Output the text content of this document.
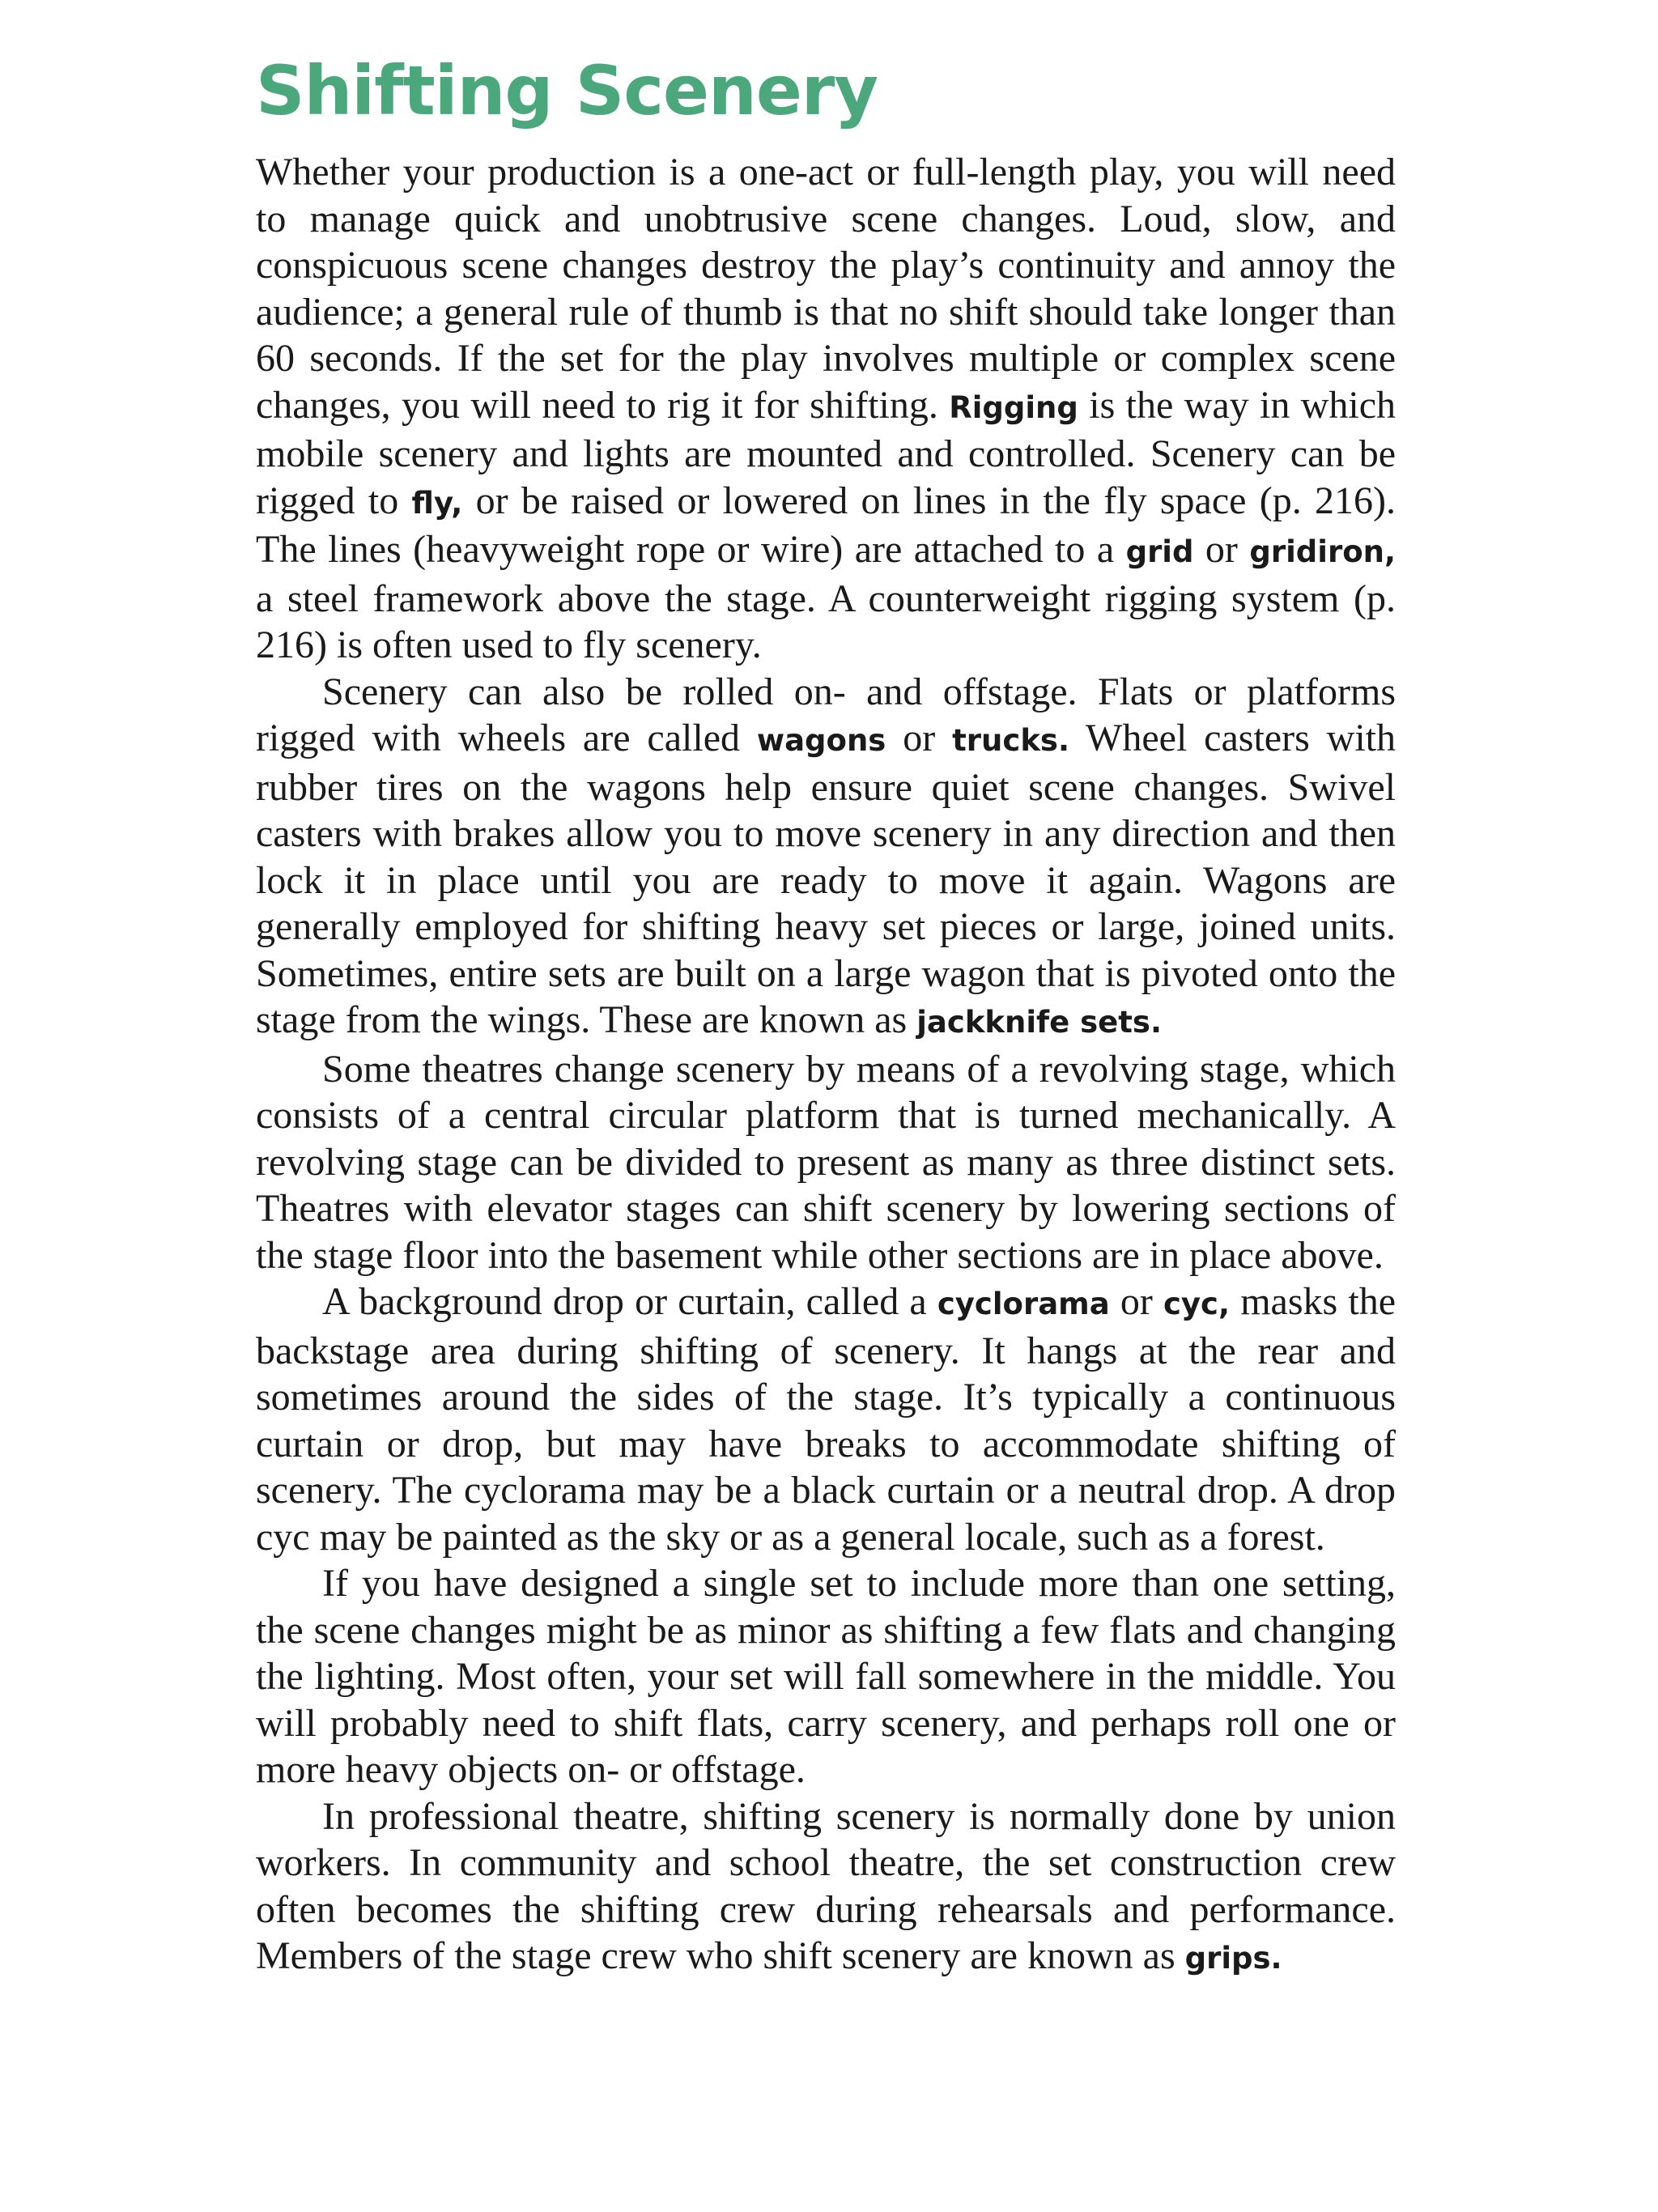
Shifting Scenery

Whether your production is a one-act or full-length play, you will need to manage quick and unobtrusive scene changes. Loud, slow, and conspicuous scene changes destroy the play’s continuity and annoy the audience; a general rule of thumb is that no shift should take longer than 60 seconds. If the set for the play involves multiple or complex scene changes, you will need to rig it for shifting. Rigging is the way in which mobile scenery and lights are mounted and controlled. Scenery can be rigged to fly, or be raised or lowered on lines in the fly space (p. 216). The lines (heavyweight rope or wire) are attached to a grid or gridiron, a steel framework above the stage. A counterweight rigging system (p. 216) is often used to fly scenery.

Scenery can also be rolled on- and offstage. Flats or platforms rigged with wheels are called wagons or trucks. Wheel casters with rubber tires on the wagons help ensure quiet scene changes. Swivel casters with brakes allow you to move scenery in any direction and then lock it in place until you are ready to move it again. Wagons are generally employed for shifting heavy set pieces or large, joined units. Sometimes, entire sets are built on a large wagon that is pivoted onto the stage from the wings. These are known as jackknife sets.

Some theatres change scenery by means of a revolving stage, which consists of a central circular platform that is turned mechanically. A revolving stage can be divided to present as many as three distinct sets. Theatres with elevator stages can shift scenery by lowering sections of the stage floor into the basement while other sections are in place above.

A background drop or curtain, called a cyclorama or cyc, masks the backstage area during shifting of scenery. It hangs at the rear and sometimes around the sides of the stage. It’s typically a continuous curtain or drop, but may have breaks to accommodate shifting of scenery. The cyclorama may be a black curtain or a neutral drop. A drop cyc may be painted as the sky or as a general locale, such as a forest.

If you have designed a single set to include more than one setting, the scene changes might be as minor as shifting a few flats and changing the lighting. Most often, your set will fall somewhere in the middle. You will probably need to shift flats, carry scenery, and perhaps roll one or more heavy objects on- or offstage.

In professional theatre, shifting scenery is normally done by union workers. In community and school theatre, the set construction crew often becomes the shifting crew during rehearsals and performance. Members of the stage crew who shift scenery are known as grips.
